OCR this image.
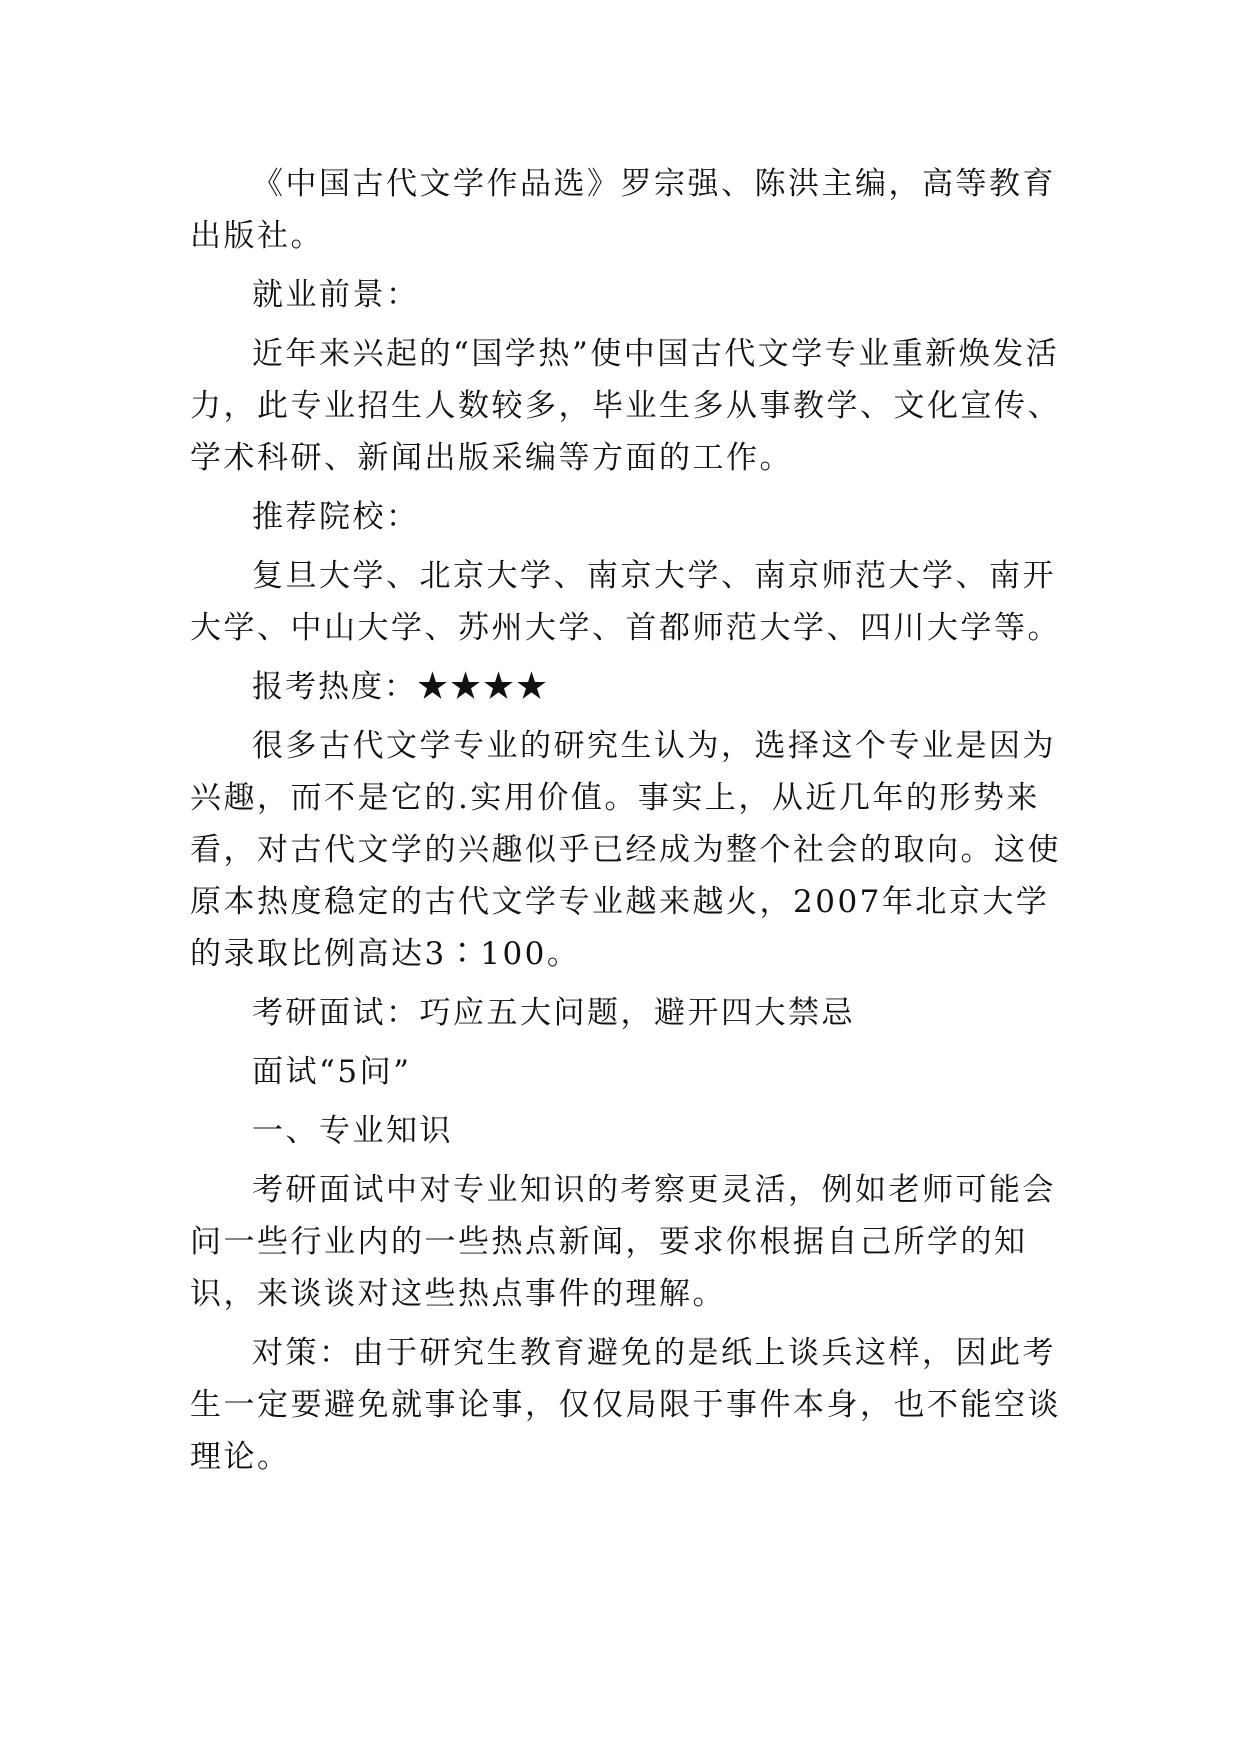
《中国古代文学作品选》罗宗强、陈洪主编，高等教育出版社。

就业前景：

近年来兴起的“国学热”使中国古代文学专业重新焕发活力，此专业招生人数较多，毕业生多从事教学、文化宣传、学术科研、新闻出版采编等方面的工作。

推荐院校：

复旦大学、北京大学、南京大学、南京师范大学、南开大学、中山大学、苏州大学、首都师范大学、四川大学等。

报考热度：★★★★

很多古代文学专业的研究生认为，选择这个专业是因为兴趣，而不是它的.实用价值。事实上，从近几年的形势来看，对古代文学的兴趣似乎已经成为整个社会的取向。这使原本热度稳定的古代文学专业越来越火，2007年北京大学的录取比例高达3∶100。

考研面试：巧应五大问题，避开四大禁忌

面试“5问”

一、专业知识

考研面试中对专业知识的考察更灵活，例如老师可能会问一些行业内的一些热点新闻，要求你根据自己所学的知识，来谈谈对这些热点事件的理解。

对策：由于研究生教育避免的是纸上谈兵这样，因此考生一定要避免就事论事，仅仅局限于事件本身，也不能空谈理论。
